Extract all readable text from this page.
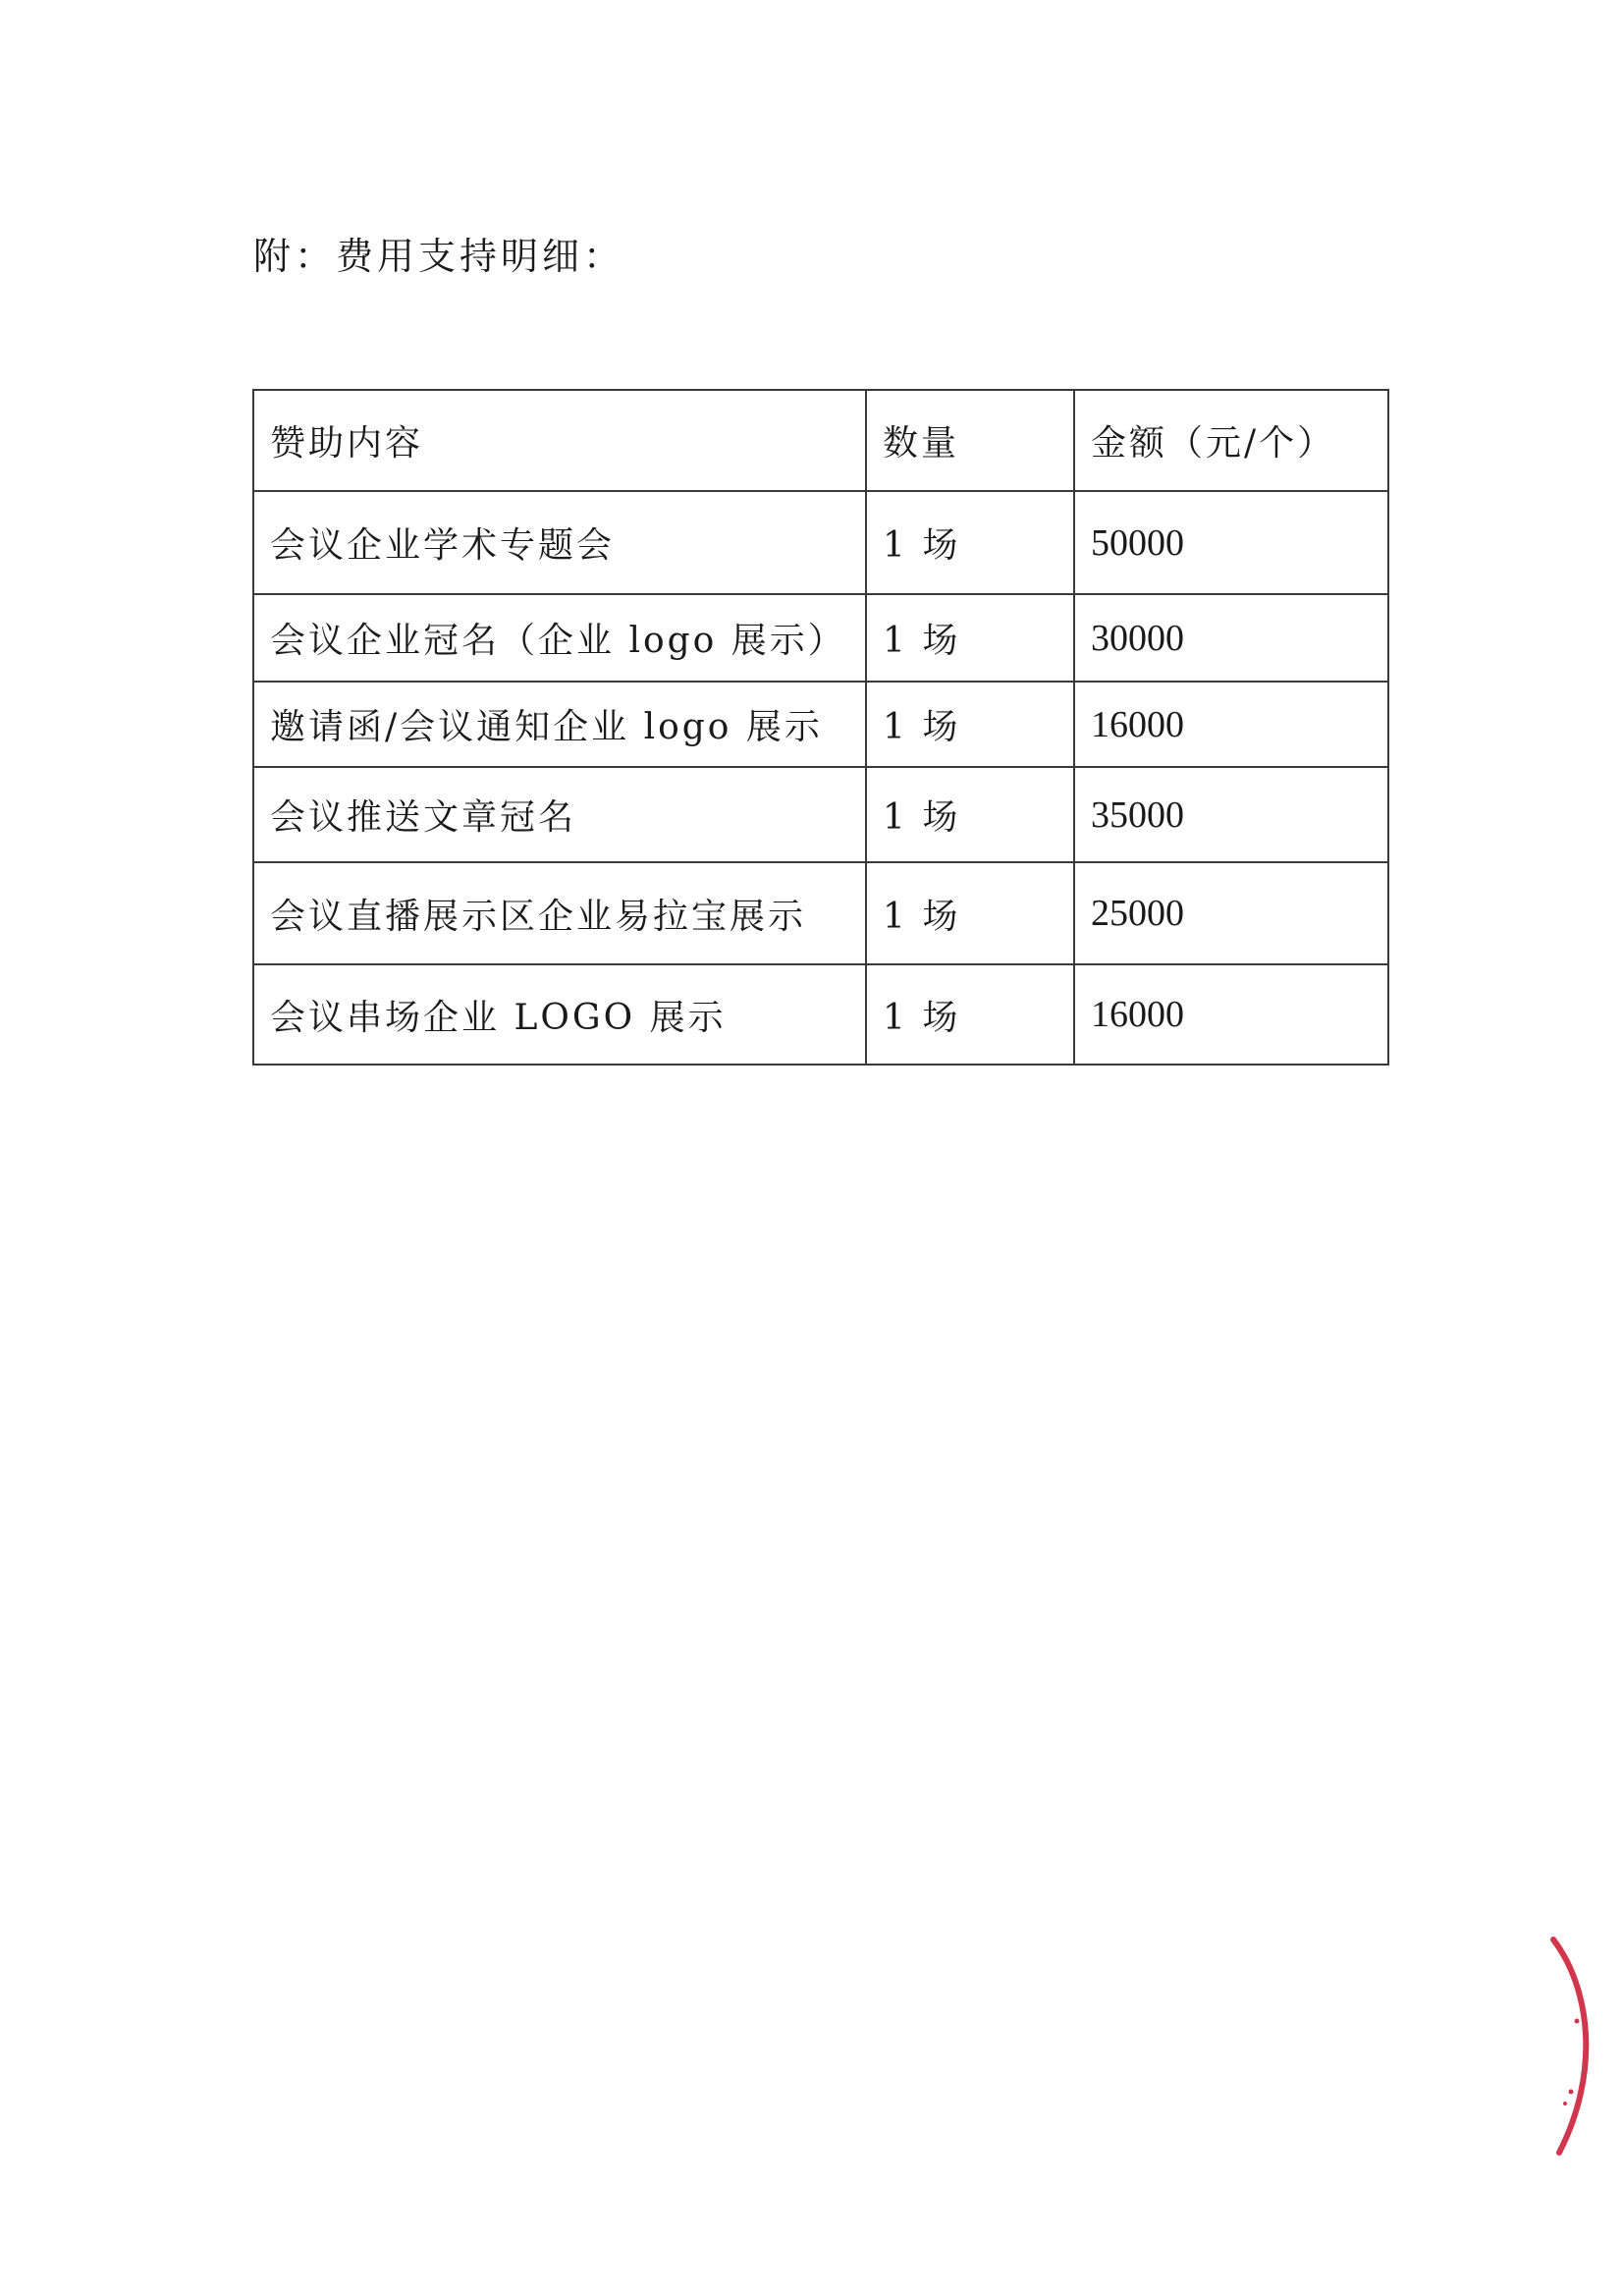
附：费用支持明细：
赞助内容	数量	金额（元/个）
会议企业学术专题会	1 场	50000
会议企业冠名（企业 logo 展示）	1 场	30000
邀请函/会议通知企业 logo 展示	1 场	16000
会议推送文章冠名	1 场	35000
会议直播展示区企业易拉宝展示	1 场	25000
会议串场企业 LOGO 展示	1 场	16000
